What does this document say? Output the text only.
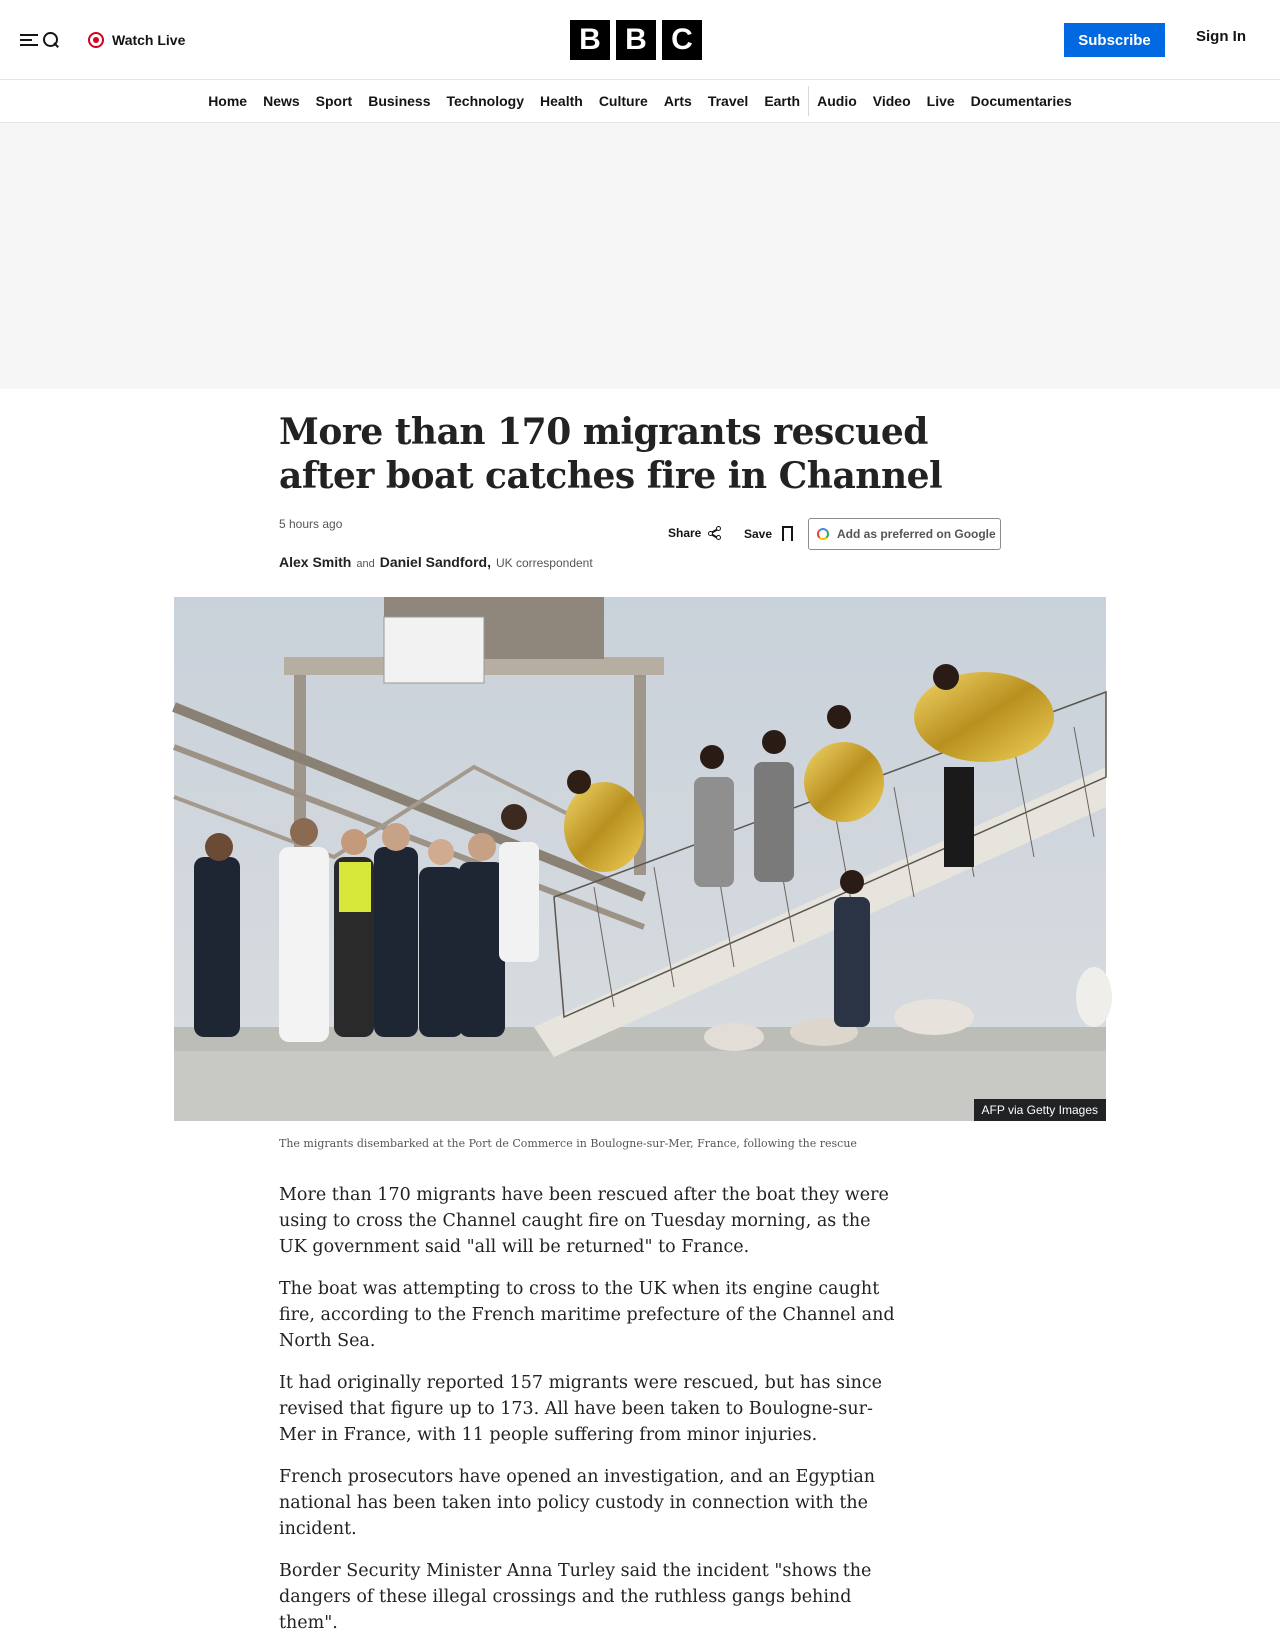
Watch Live	B B C	Subscribe	Sign In
Home	News	Sport	Business	Technology	Health	Culture	Arts	Travel	Earth	Audio	Video	Live	Documentaries
More than 170 migrants rescued after boat catches fire in Channel
5 hours ago
Share	Save	Add as preferred on Google
Alex Smith and Daniel Sandford, UK correspondent
AFP via Getty Images

The migrants disembarked at the Port de Commerce in Boulogne-sur-Mer, France, following the rescue

More than 170 migrants have been rescued after the boat they were using to cross the Channel caught fire on Tuesday morning, as the UK government said "all will be returned" to France.

The boat was attempting to cross to the UK when its engine caught fire, according to the French maritime prefecture of the Channel and North Sea.

It had originally reported 157 migrants were rescued, but has since revised that figure up to 173. All have been taken to Boulogne-sur-Mer in France, with 11 people suffering from minor injuries.

French prosecutors have opened an investigation, and an Egyptian national has been taken into policy custody in connection with the incident.

Border Security Minister Anna Turley said the incident "shows the dangers of these illegal crossings and the ruthless gangs behind them".
